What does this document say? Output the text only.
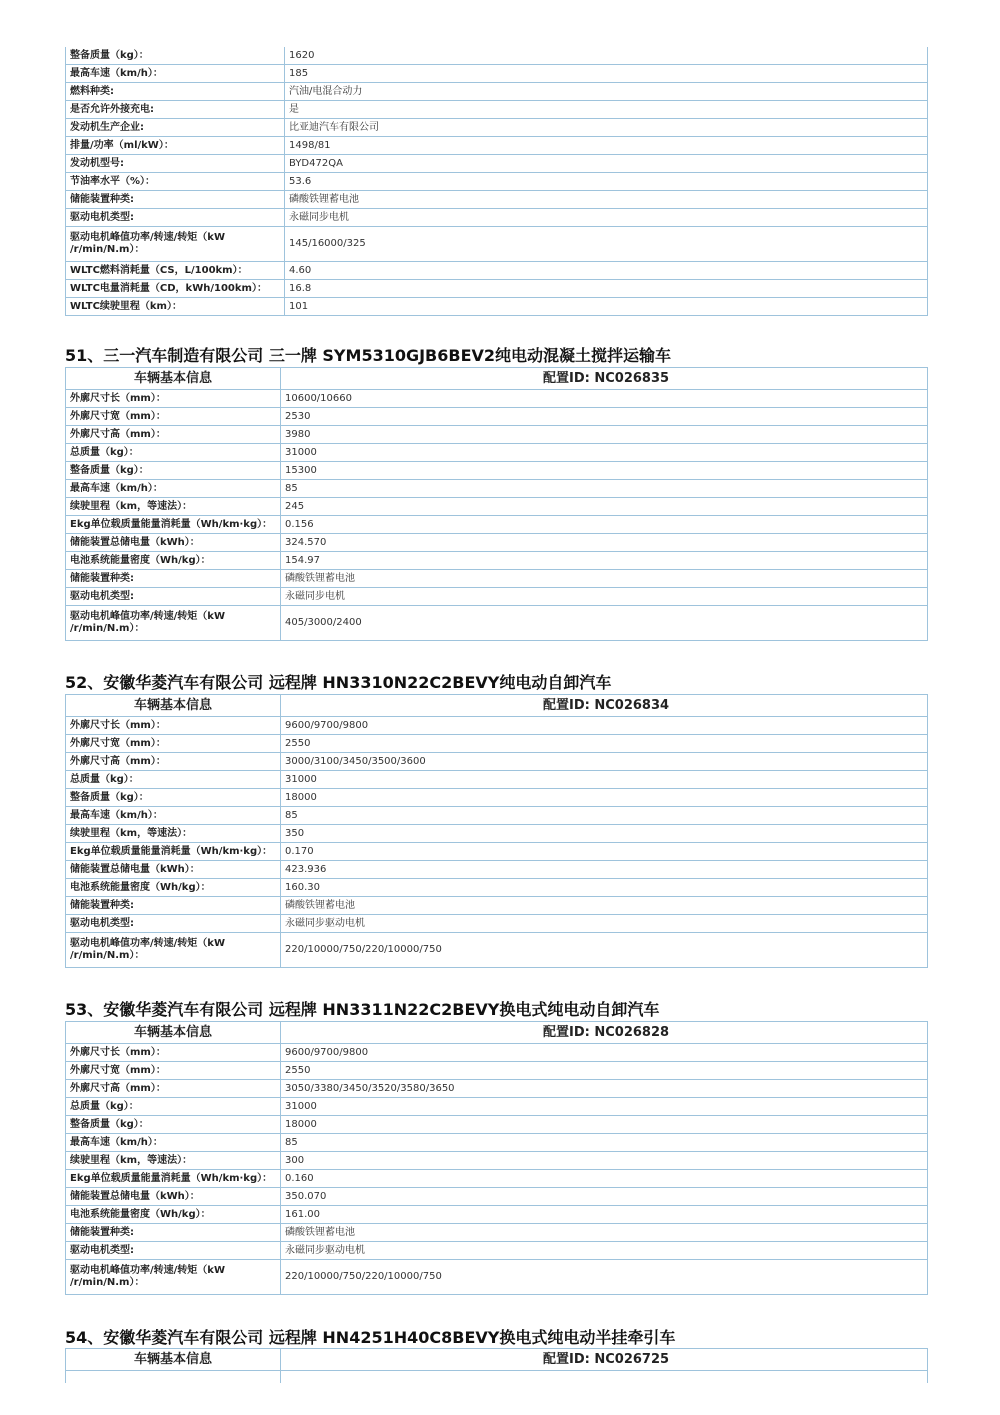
整备质量（kg）：	1620
最高车速（km/h）：	185
燃料种类:	汽油/电混合动力
是否允许外接充电:	是
发动机生产企业:	比亚迪汽车有限公司
排量/功率（ml/kW）：	1498/81
发动机型号:	BYD472QA
节油率水平（%）：	53.6
储能装置种类:	磷酸铁锂蓄电池
驱动电机类型:	永磁同步电机
驱动电机峰值功率/转速/转矩（kW /r/min/N.m）：	145/16000/325
WLTC燃料消耗量（CS，L/100km）：	4.60
WLTC电量消耗量（CD，kWh/100km）：	16.8
WLTC续驶里程（km）：	101
51、三一汽车制造有限公司 三一牌 SYM5310GJB6BEV2纯电动混凝土搅拌运输车
车辆基本信息	配置ID: NC026835
外廓尺寸长（mm）：	10600/10660
外廓尺寸宽（mm）：	2530
外廓尺寸高（mm）：	3980
总质量（kg）：	31000
整备质量（kg）：	15300
最高车速（km/h）：	85
续驶里程（km，等速法）：	245
Ekg单位载质量能量消耗量（Wh/km·kg）：	0.156
储能装置总储电量（kWh）：	324.570
电池系统能量密度（Wh/kg）：	154.97
储能装置种类:	磷酸铁锂蓄电池
驱动电机类型:	永磁同步电机
驱动电机峰值功率/转速/转矩（kW /r/min/N.m）：	405/3000/2400
52、安徽华菱汽车有限公司 远程牌 HN3310N22C2BEVY纯电动自卸汽车
车辆基本信息	配置ID: NC026834
外廓尺寸长（mm）：	9600/9700/9800
外廓尺寸宽（mm）：	2550
外廓尺寸高（mm）：	3000/3100/3450/3500/3600
总质量（kg）：	31000
整备质量（kg）：	18000
最高车速（km/h）：	85
续驶里程（km，等速法）：	350
Ekg单位载质量能量消耗量（Wh/km·kg）：	0.170
储能装置总储电量（kWh）：	423.936
电池系统能量密度（Wh/kg）：	160.30
储能装置种类:	磷酸铁锂蓄电池
驱动电机类型:	永磁同步驱动电机
驱动电机峰值功率/转速/转矩（kW /r/min/N.m）：	220/10000/750/220/10000/750
53、安徽华菱汽车有限公司 远程牌 HN3311N22C2BEVY换电式纯电动自卸汽车
车辆基本信息	配置ID: NC026828
外廓尺寸长（mm）：	9600/9700/9800
外廓尺寸宽（mm）：	2550
外廓尺寸高（mm）：	3050/3380/3450/3520/3580/3650
总质量（kg）：	31000
整备质量（kg）：	18000
最高车速（km/h）：	85
续驶里程（km，等速法）：	300
Ekg单位载质量能量消耗量（Wh/km·kg）：	0.160
储能装置总储电量（kWh）：	350.070
电池系统能量密度（Wh/kg）：	161.00
储能装置种类:	磷酸铁锂蓄电池
驱动电机类型:	永磁同步驱动电机
驱动电机峰值功率/转速/转矩（kW /r/min/N.m）：	220/10000/750/220/10000/750
54、安徽华菱汽车有限公司 远程牌 HN4251H40C8BEVY换电式纯电动半挂牵引车
车辆基本信息	配置ID: NC026725
